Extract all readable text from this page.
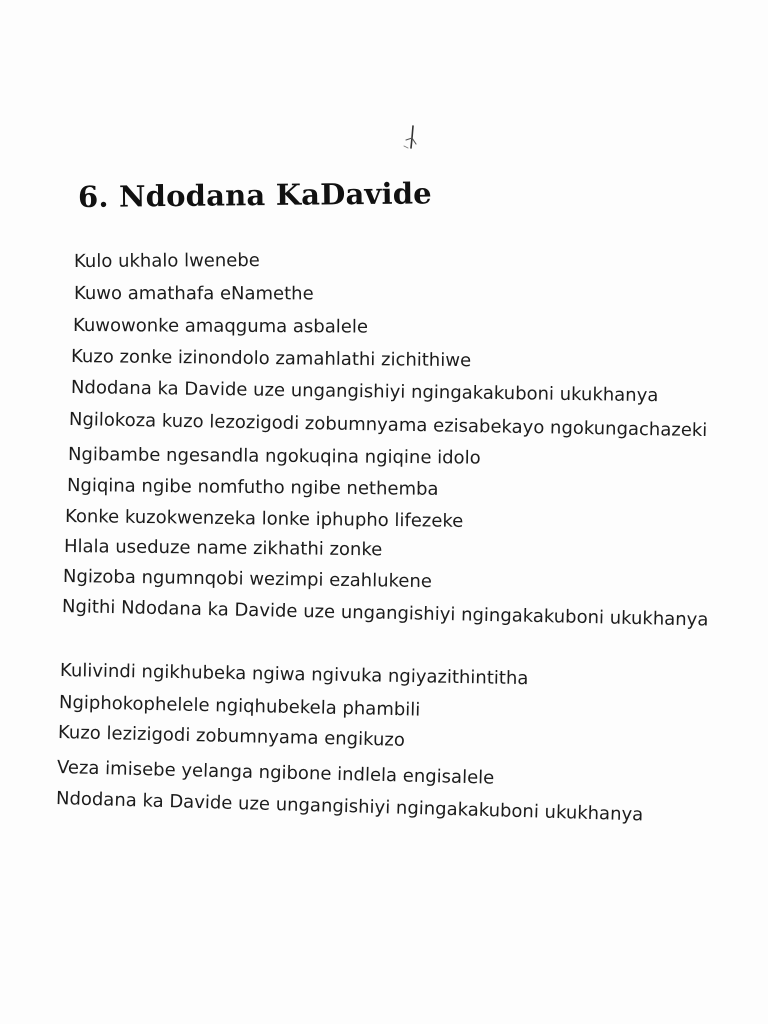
6. Ndodana KaDavide

Kulo ukhalo lwenebe

Kuwo amathafa eNamethe

Kuwowonke amaqguma asbalele

Kuzo zonke izinondolo zamahlathi zichithiwe

Ndodana ka Davide uze ungangishiyi ngingakakuboni ukukhanya

Ngilokoza kuzo lezozigodi zobumnyama ezisabekayo ngokungachazeki

Ngibambe ngesandla ngokuqina ngiqine idolo

Ngiqina ngibe nomfutho ngibe nethemba

Konke kuzokwenzeka lonke iphupho lifezeke

Hlala useduze name zikhathi zonke

Ngizoba ngumnqobi wezimpi ezahlukene

Ngithi Ndodana ka Davide uze ungangishiyi ngingakakuboni ukukhanya

Kulivindi ngikhubeka ngiwa ngivuka ngiyazithintitha

Ngiphokophelele ngiqhubekela phambili

Kuzo lezizigodi zobumnyama engikuzo

Veza imisebe yelanga ngibone indlela engisalele

Ndodana ka Davide uze ungangishiyi ngingakakuboni ukukhanya
